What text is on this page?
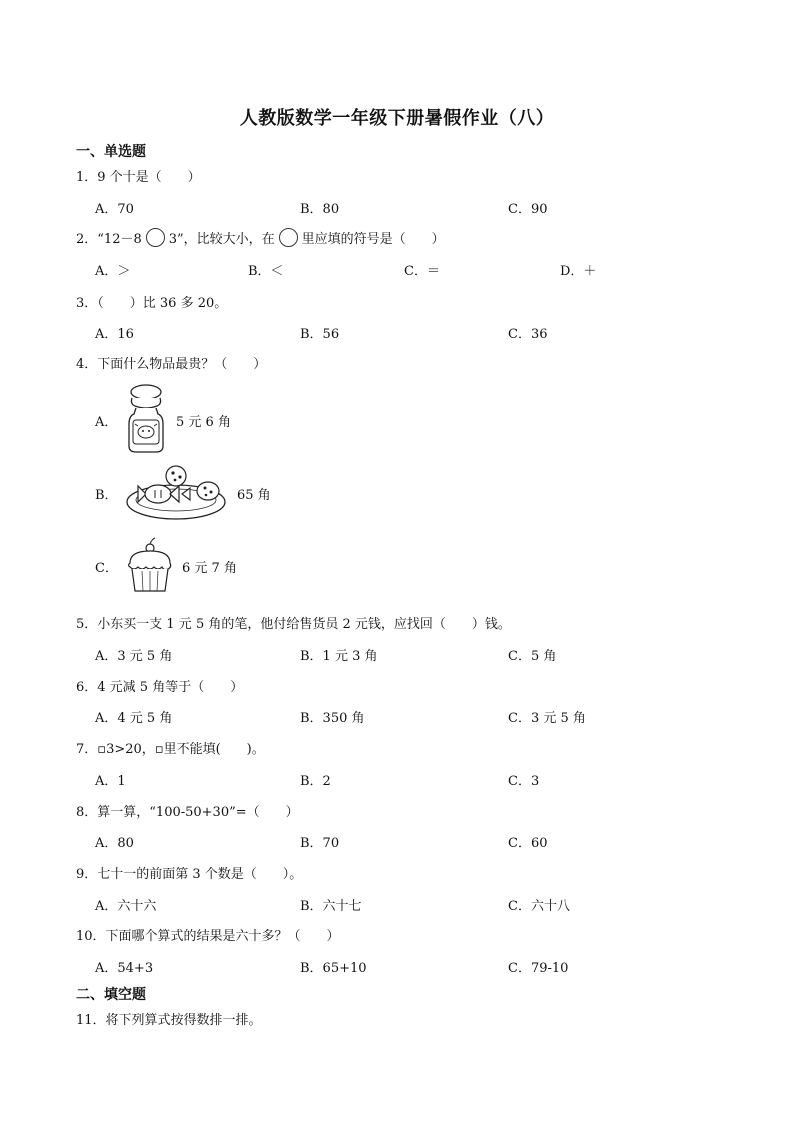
人教版数学一年级下册暑假作业（八）
一、单选题
1．9 个十是（　　）
A．70	B．80	C．90
2．“12－8 3”，比较大小，在 里应填的符号是（　　）
A．＞	B．＜	C．＝	D．＋
3．（　　）比 36 多 20。
A．16	B．56	C．36
4．下面什么物品最贵？（　　）
A．	5 元 6 角
B．	65 角
C．	6 元 7 角
5．小东买一支 1 元 5 角的笔，他付给售货员 2 元钱，应找回（　　）钱。
A．3 元 5 角	B．1 元 3 角	C．5 角
6．4 元减 5 角等于（　　）
A．4 元 5 角	B．350 角	C．3 元 5 角
7．▫3>20，▫里不能填(　　)。
A．1	B．2	C．3
8．算一算，“100-50+30”=（　　）
A．80	B．70	C．60
9．七十一的前面第 3 个数是（　　）。
A．六十六	B．六十七	C．六十八
10．下面哪个算式的结果是六十多？（　　）
A．54+3	B．65+10	C．79-10
二、填空题
11．将下列算式按得数排一排。
